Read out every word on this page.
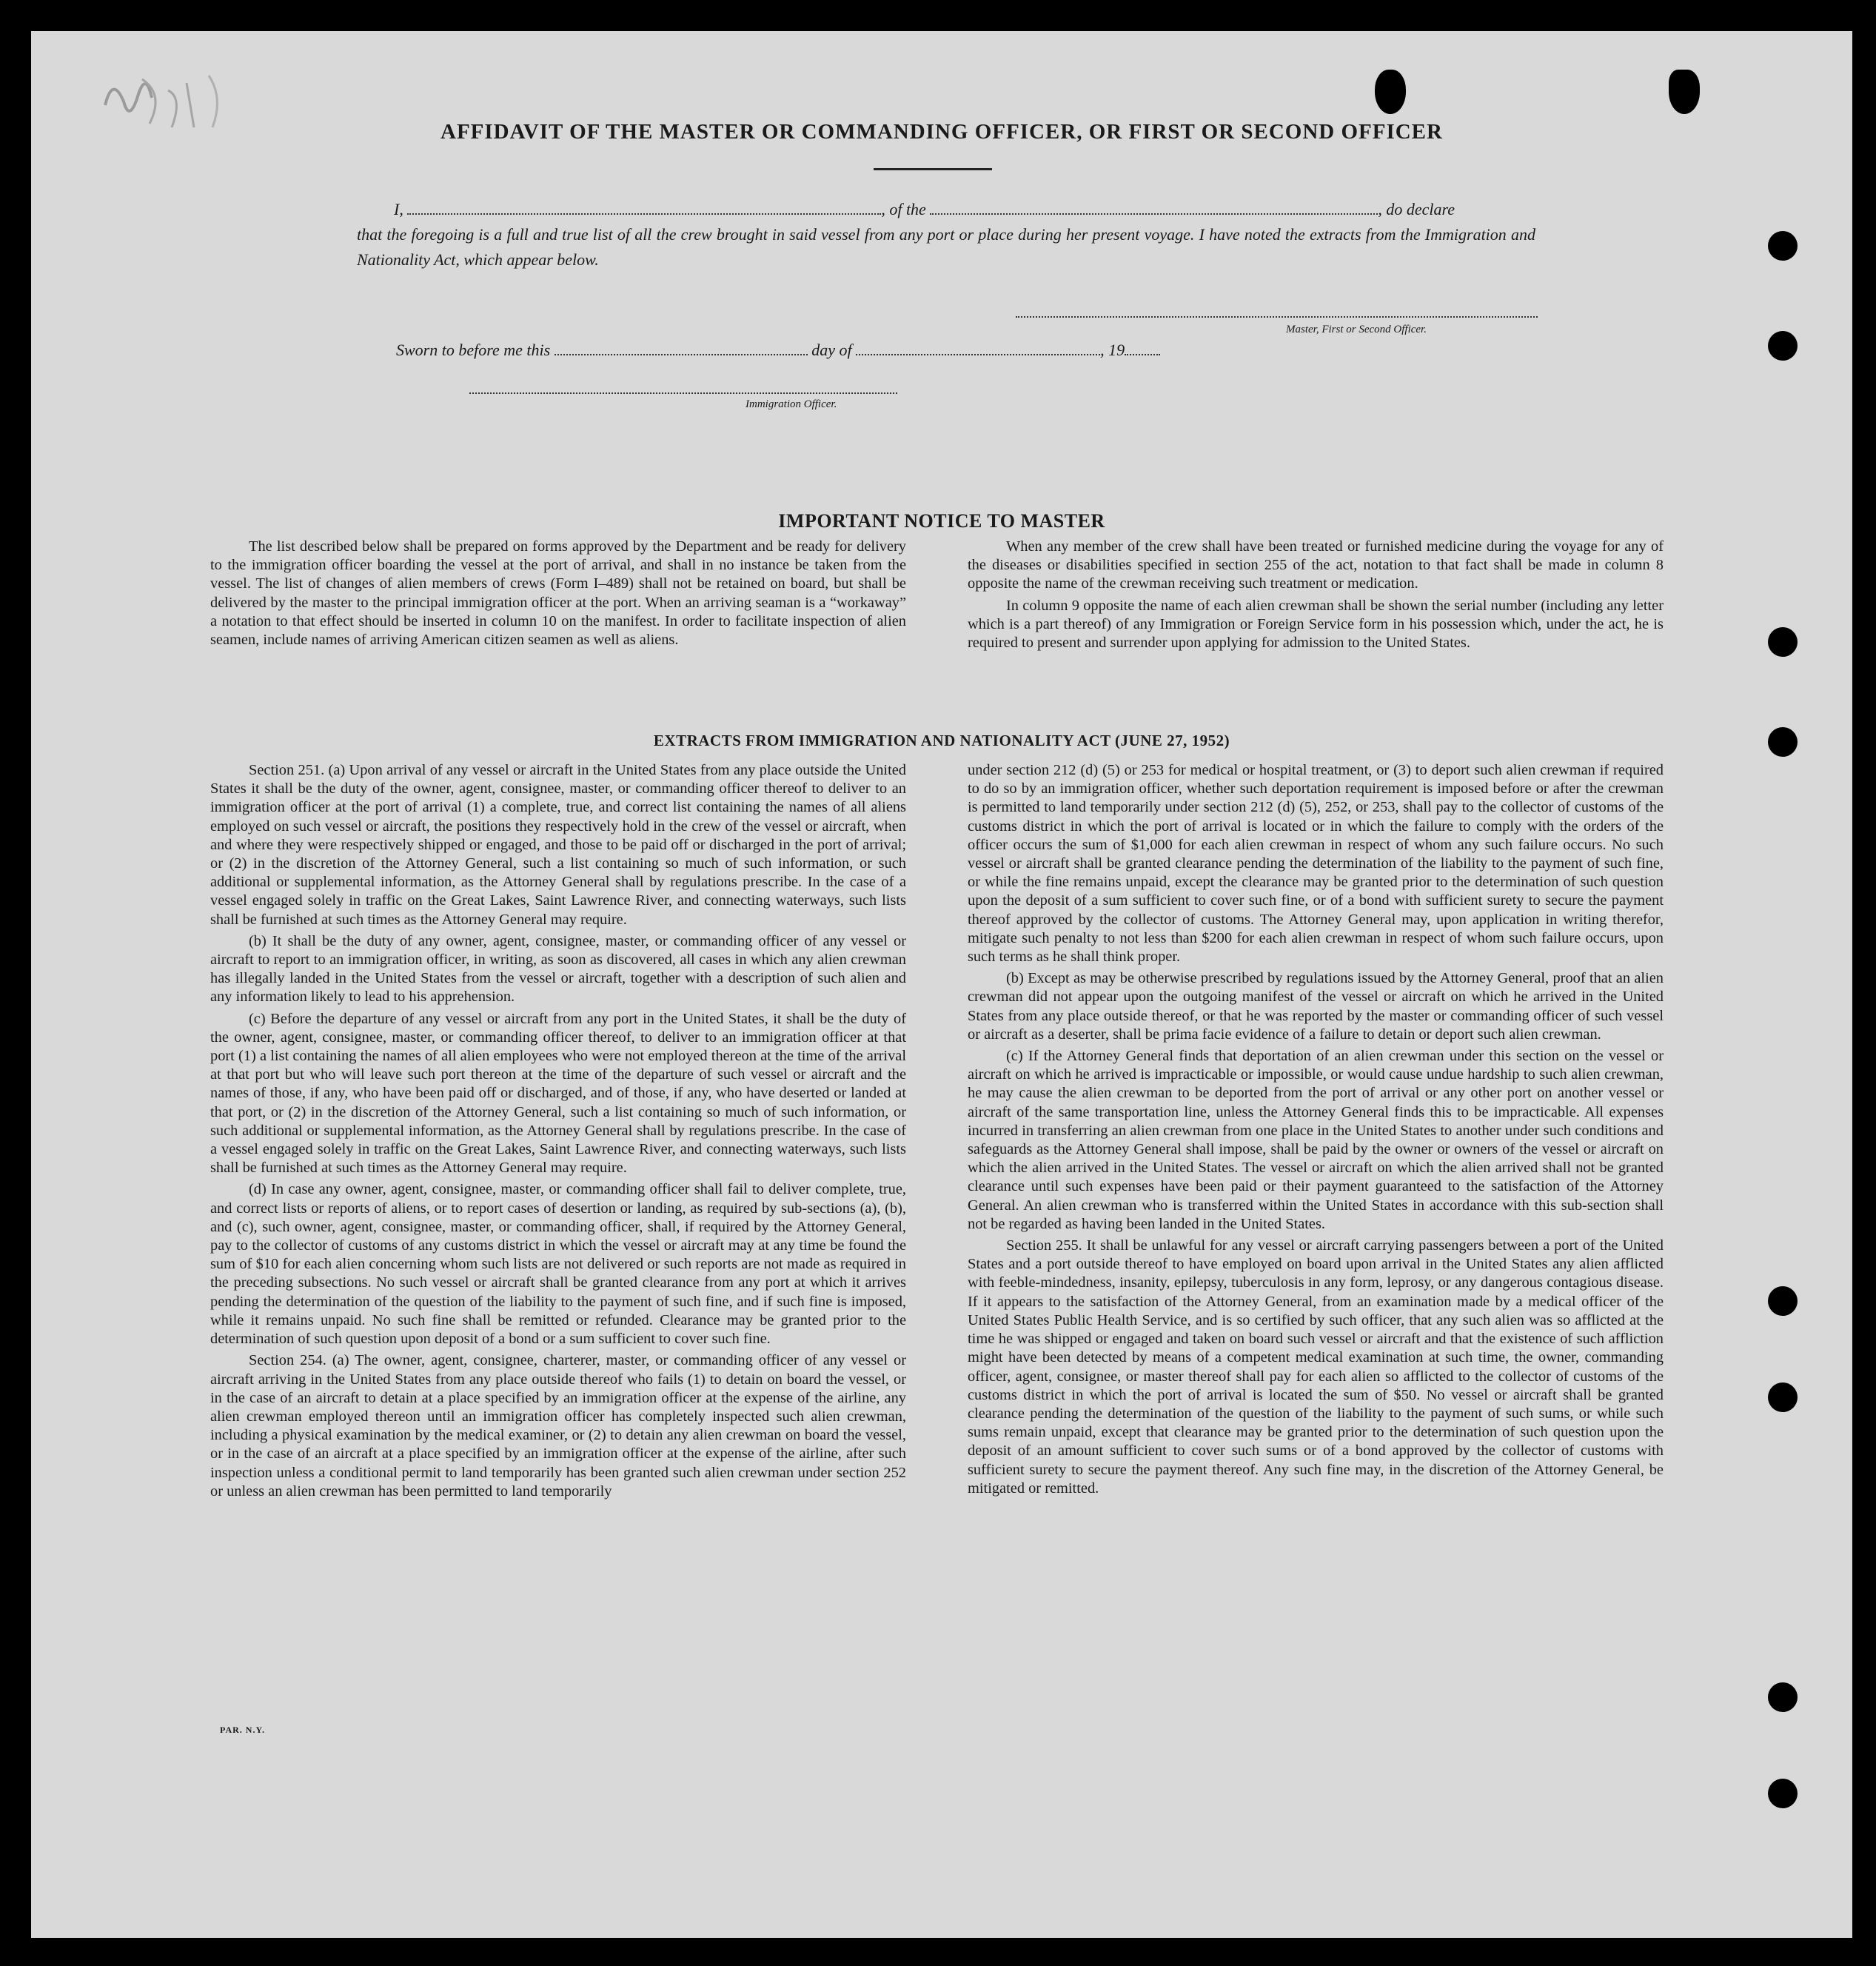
AFFIDAVIT OF THE MASTER OR COMMANDING OFFICER, OR FIRST OR SECOND OFFICER
I,	, of the	, do declare

that the foregoing is a full and true list of all the crew brought in said vessel from any port or place during her present voyage. I have noted the extracts from the Immigration and Nationality Act, which appear below.

Master, First or Second Officer.
Sworn to before me this	day of	, 19
Immigration Officer.
IMPORTANT NOTICE TO MASTER

The list described below shall be prepared on forms approved by the Department and be ready for delivery to the immigration officer boarding the vessel at the port of arrival, and shall in no instance be taken from the vessel. The list of changes of alien members of crews (Form I–489) shall not be retained on board, but shall be delivered by the master to the principal immigration officer at the port. When an arriving seaman is a “workaway” a notation to that effect should be inserted in column 10 on the manifest. In order to facilitate inspection of alien seamen, include names of arriving American citizen seamen as well as aliens.

When any member of the crew shall have been treated or furnished medicine during the voyage for any of the diseases or disabilities specified in section 255 of the act, notation to that fact shall be made in column 8 opposite the name of the crewman receiving such treatment or medication.

In column 9 opposite the name of each alien crewman shall be shown the serial number (including any letter which is a part thereof) of any Immigration or Foreign Service form in his possession which, under the act, he is required to present and surrender upon applying for admission to the United States.

EXTRACTS FROM IMMIGRATION AND NATIONALITY ACT (JUNE 27, 1952)

Section 251. (a) Upon arrival of any vessel or aircraft in the United States from any place outside the United States it shall be the duty of the owner, agent, consignee, master, or commanding officer thereof to deliver to an immigration officer at the port of arrival (1) a complete, true, and correct list containing the names of all aliens employed on such vessel or aircraft, the positions they respectively hold in the crew of the vessel or aircraft, when and where they were respectively shipped or engaged, and those to be paid off or discharged in the port of arrival; or (2) in the discretion of the Attorney General, such a list containing so much of such information, or such additional or supplemental information, as the Attorney General shall by regulations prescribe. In the case of a vessel engaged solely in traffic on the Great Lakes, Saint Lawrence River, and connecting waterways, such lists shall be furnished at such times as the Attorney General may require.

(b) It shall be the duty of any owner, agent, consignee, master, or commanding officer of any vessel or aircraft to report to an immigration officer, in writing, as soon as discovered, all cases in which any alien crewman has illegally landed in the United States from the vessel or aircraft, together with a description of such alien and any information likely to lead to his apprehension.

(c) Before the departure of any vessel or aircraft from any port in the United States, it shall be the duty of the owner, agent, consignee, master, or commanding officer thereof, to deliver to an immigration officer at that port (1) a list containing the names of all alien employees who were not employed thereon at the time of the arrival at that port but who will leave such port thereon at the time of the departure of such vessel or aircraft and the names of those, if any, who have been paid off or discharged, and of those, if any, who have deserted or landed at that port, or (2) in the discretion of the Attorney General, such a list containing so much of such information, or such additional or supplemental information, as the Attorney General shall by regulations prescribe. In the case of a vessel engaged solely in traffic on the Great Lakes, Saint Lawrence River, and connecting waterways, such lists shall be furnished at such times as the Attorney General may require.

(d) In case any owner, agent, consignee, master, or commanding officer shall fail to deliver complete, true, and correct lists or reports of aliens, or to report cases of desertion or landing, as required by sub-sections (a), (b), and (c), such owner, agent, consignee, master, or commanding officer, shall, if required by the Attorney General, pay to the collector of customs of any customs district in which the vessel or aircraft may at any time be found the sum of $10 for each alien concerning whom such lists are not delivered or such reports are not made as required in the preceding subsections. No such vessel or aircraft shall be granted clearance from any port at which it arrives pending the determination of the question of the liability to the payment of such fine, and if such fine is imposed, while it remains unpaid. No such fine shall be remitted or refunded. Clearance may be granted prior to the determination of such question upon deposit of a bond or a sum sufficient to cover such fine.

Section 254. (a) The owner, agent, consignee, charterer, master, or commanding officer of any vessel or aircraft arriving in the United States from any place outside thereof who fails (1) to detain on board the vessel, or in the case of an aircraft to detain at a place specified by an immigration officer at the expense of the airline, any alien crewman employed thereon until an immigration officer has completely inspected such alien crewman, including a physical examination by the medical examiner, or (2) to detain any alien crewman on board the vessel, or in the case of an aircraft at a place specified by an immigration officer at the expense of the airline, after such inspection unless a conditional permit to land temporarily has been granted such alien crewman under section 252 or unless an alien crewman has been permitted to land temporarily

under section 212 (d) (5) or 253 for medical or hospital treatment, or (3) to deport such alien crewman if required to do so by an immigration officer, whether such deportation requirement is imposed before or after the crewman is permitted to land temporarily under section 212 (d) (5), 252, or 253, shall pay to the collector of customs of the customs district in which the port of arrival is located or in which the failure to comply with the orders of the officer occurs the sum of $1,000 for each alien crewman in respect of whom any such failure occurs. No such vessel or aircraft shall be granted clearance pending the determination of the liability to the payment of such fine, or while the fine remains unpaid, except the clearance may be granted prior to the determination of such question upon the deposit of a sum sufficient to cover such fine, or of a bond with sufficient surety to secure the payment thereof approved by the collector of customs. The Attorney General may, upon application in writing therefor, mitigate such penalty to not less than $200 for each alien crewman in respect of whom such failure occurs, upon such terms as he shall think proper.

(b) Except as may be otherwise prescribed by regulations issued by the Attorney General, proof that an alien crewman did not appear upon the outgoing manifest of the vessel or aircraft on which he arrived in the United States from any place outside thereof, or that he was reported by the master or commanding officer of such vessel or aircraft as a deserter, shall be prima facie evidence of a failure to detain or deport such alien crewman.

(c) If the Attorney General finds that deportation of an alien crewman under this section on the vessel or aircraft on which he arrived is impracticable or impossible, or would cause undue hardship to such alien crewman, he may cause the alien crewman to be deported from the port of arrival or any other port on another vessel or aircraft of the same transportation line, unless the Attorney General finds this to be impracticable. All expenses incurred in transferring an alien crewman from one place in the United States to another under such conditions and safeguards as the Attorney General shall impose, shall be paid by the owner or owners of the vessel or aircraft on which the alien arrived in the United States. The vessel or aircraft on which the alien arrived shall not be granted clearance until such expenses have been paid or their payment guaranteed to the satisfaction of the Attorney General. An alien crewman who is transferred within the United States in accordance with this sub-section shall not be regarded as having been landed in the United States.

Section 255. It shall be unlawful for any vessel or aircraft carrying passengers between a port of the United States and a port outside thereof to have employed on board upon arrival in the United States any alien afflicted with feeble-mindedness, insanity, epilepsy, tuberculosis in any form, leprosy, or any dangerous contagious disease. If it appears to the satisfaction of the Attorney General, from an examination made by a medical officer of the United States Public Health Service, and is so certified by such officer, that any such alien was so afflicted at the time he was shipped or engaged and taken on board such vessel or aircraft and that the existence of such affliction might have been detected by means of a competent medical examination at such time, the owner, commanding officer, agent, consignee, or master thereof shall pay for each alien so afflicted to the collector of customs of the customs district in which the port of arrival is located the sum of $50. No vessel or aircraft shall be granted clearance pending the determination of the question of the liability to the payment of such sums, or while such sums remain unpaid, except that clearance may be granted prior to the determination of such question upon the deposit of an amount sufficient to cover such sums or of a bond approved by the collector of customs with sufficient surety to secure the payment thereof. Any such fine may, in the discretion of the Attorney General, be mitigated or remitted.

PAR. N.Y.
